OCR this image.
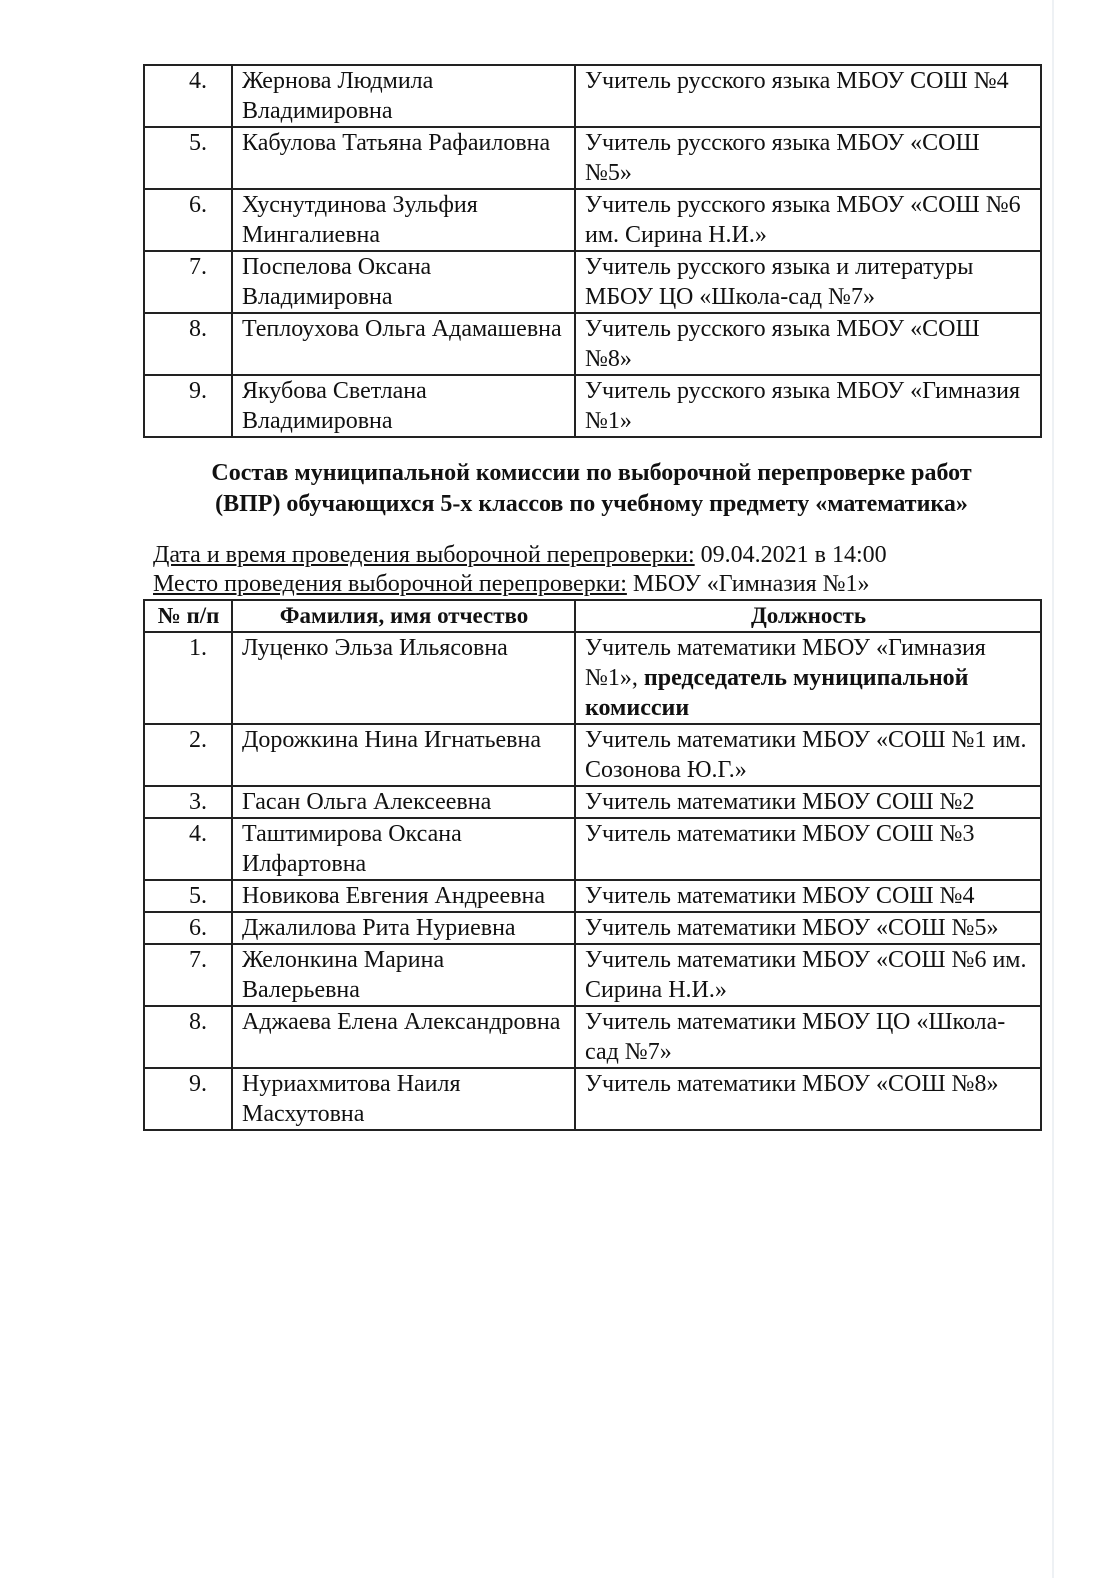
4.	Жернова Людмила Владимировна	Учитель русского языка МБОУ СОШ №4
5.	Кабулова Татьяна Рафаиловна	Учитель русского языка МБОУ «СОШ №5»
6.	Хуснутдинова Зульфия Мингалиевна	Учитель русского языка МБОУ «СОШ №6 им. Сирина Н.И.»
7.	Поспелова Оксана Владимировна	Учитель русского языка и литературы МБОУ ЦО «Школа-сад №7»
8.	Теплоухова Ольга Адамашевна	Учитель русского языка МБОУ «СОШ №8»
9.	Якубова Светлана Владимировна	Учитель русского языка МБОУ «Гимназия №1»
Состав муниципальной комиссии по выборочной перепроверке работ
(ВПР) обучающихся 5-х классов по учебному предмету «математика»
Дата и время проведения выборочной перепроверки: 09.04.2021 в 14:00
Место проведения выборочной перепроверки: МБОУ «Гимназия №1»
№ п/п	Фамилия, имя отчество	Должность
1.	Луценко Эльза Ильясовна	Учитель математики МБОУ «Гимназия №1», председатель муниципальной комиссии
2.	Дорожкина Нина Игнатьевна	Учитель математики МБОУ «СОШ №1 им. Созонова Ю.Г.»
3.	Гасан Ольга Алексеевна	Учитель математики МБОУ СОШ №2
4.	Таштимирова Оксана Илфартовна	Учитель математики МБОУ СОШ №3
5.	Новикова Евгения Андреевна	Учитель математики МБОУ СОШ №4
6.	Джалилова Рита Нуриевна	Учитель математики МБОУ «СОШ №5»
7.	Желонкина Марина Валерьевна	Учитель математики МБОУ «СОШ №6 им. Сирина Н.И.»
8.	Аджаева Елена Александровна	Учитель математики МБОУ ЦО «Школа-сад №7»
9.	Нуриахмитова Наиля Масхутовна	Учитель математики МБОУ «СОШ №8»
